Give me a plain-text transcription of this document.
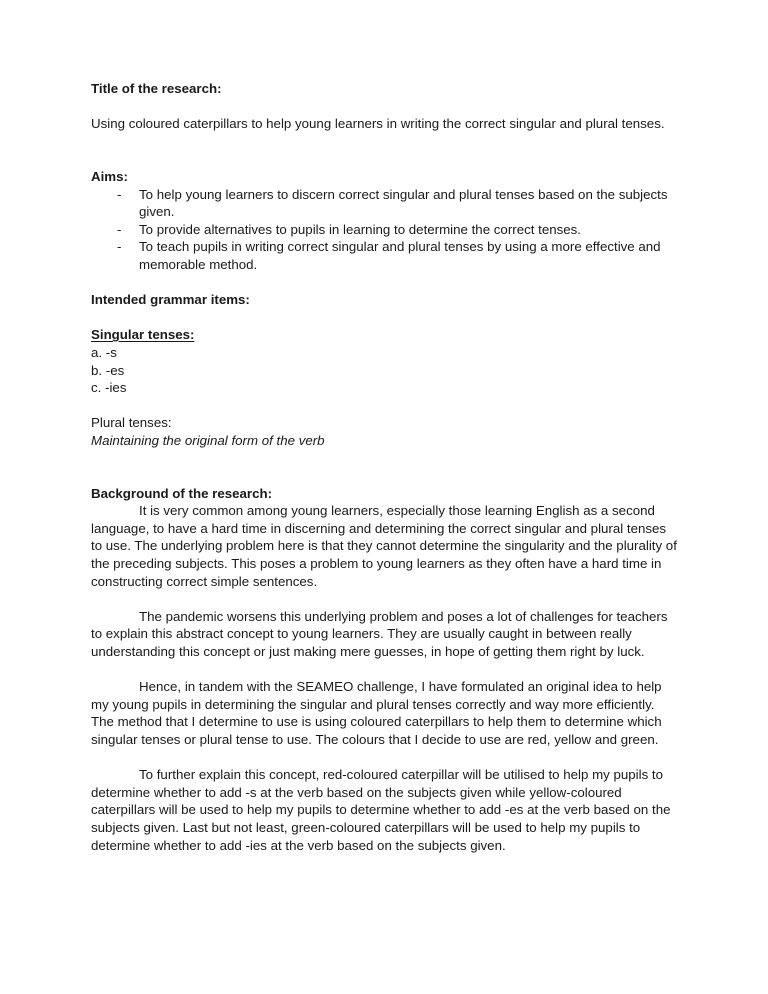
Title of the research:

Using coloured caterpillars to help young learners in writing the correct singular and plural tenses.

Aims:

- To help young learners to discern correct singular and plural tenses based on the subjects given.
- To provide alternatives to pupils in learning to determine the correct tenses.
- To teach pupils in writing correct singular and plural tenses by using a more effective and memorable method.

Intended grammar items:

Singular tenses:

a. -s

b. -es

c. -ies

Plural tenses:

Maintaining the original form of the verb

Background of the research:

It is very common among young learners, especially those learning English as a second language, to have a hard time in discerning and determining the correct singular and plural tenses to use. The underlying problem here is that they cannot determine the singularity and the plurality of the preceding subjects. This poses a problem to young learners as they often have a hard time in constructing correct simple sentences.

The pandemic worsens this underlying problem and poses a lot of challenges for teachers to explain this abstract concept to young learners. They are usually caught in between really understanding this concept or just making mere guesses, in hope of getting them right by luck.

Hence, in tandem with the SEAMEO challenge, I have formulated an original idea to help my young pupils in determining the singular and plural tenses correctly and way more efficiently. The method that I determine to use is using coloured caterpillars to help them to determine which singular tenses or plural tense to use. The colours that I decide to use are red, yellow and green.

To further explain this concept, red-coloured caterpillar will be utilised to help my pupils to determine whether to add -s at the verb based on the subjects given while yellow-coloured caterpillars will be used to help my pupils to determine whether to add -es at the verb based on the subjects given. Last but not least, green-coloured caterpillars will be used to help my pupils to determine whether to add -ies at the verb based on the subjects given.
